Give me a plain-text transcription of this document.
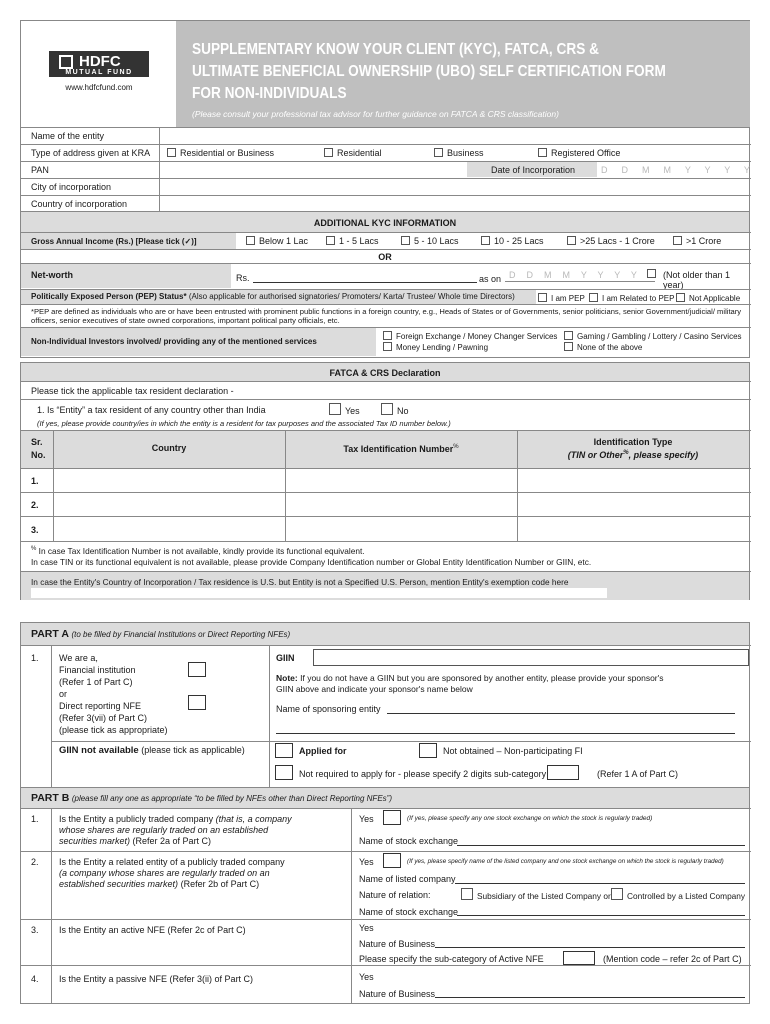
HDFC
MUTUAL FUND
www.hdfcfund.com
SUPPLEMENTARY KNOW YOUR CLIENT (KYC), FATCA, CRS &
ULTIMATE BENEFICIAL OWNERSHIP (UBO) SELF CERTIFICATION FORM
FOR NON-INDIVIDUALS
(Please consult your professional tax advisor for further guidance on FATCA & CRS classification)
Name of the entity
Type of address given at KRA	Residential or Business	Residential	Business	Registered Office
PAN	Date of Incorporation	D  D  M  M  Y  Y  Y  Y
City of incorporation
Country of incorporation
ADDITIONAL KYC INFORMATION
Gross Annual Income (Rs.) [Please tick (✓)]	Below 1 Lac	1 - 5 Lacs	5 - 10 Lacs	10 - 25 Lacs	>25 Lacs - 1 Crore	>1 Crore
OR
Net-worth	Rs.	as on D  D  M  M  Y  Y  Y  Y	(Not older than 1 year)
Politically Exposed Person (PEP) Status* (Also applicable for authorised signatories/ Promoters/ Karta/ Trustee/ Whole time Directors)	I am PEP	I am Related to PEP	Not Applicable
*PEP are defined as individuals who are or have been entrusted with prominent public functions in a foreign country, e.g., Heads of States or of Governments, senior politicians, senior Government/judicial/ military
officers, senior executives of state owned corporations, important political party officials, etc.
Non-Individual Investors involved/ providing any of the mentioned services
Foreign Exchange / Money Changer Services	Gaming / Gambling / Lottery / Casino Services
Money Lending / Pawning	None of the above
FATCA & CRS Declaration
Please tick the applicable tax resident declaration -
1. Is “Entity” a tax resident of any country other than India	Yes	No
(If yes, please provide country/ies in which the entity is a resident for tax purposes and the associated Tax ID number below.)
Sr.
No.
Country	Tax Identification Number%	Identification Type
(TIN or Other%, please specify)
1.
2.
3.
% In case Tax Identification Number is not available, kindly provide its functional equivalent.
In case TIN or its functional equivalent is not available, please provide Company Identification number or Global Entity Identification Number or GIIN, etc.
In case the Entity's Country of Incorporation / Tax residence is U.S. but Entity is not a Specified U.S. Person, mention Entity's exemption code here
PART A (to be filled by Financial Institutions or Direct Reporting NFEs)
1. We are a,
Financial institution
(Refer 1 of Part C)
or
Direct reporting NFE
(Refer 3(vii) of Part C)
(please tick as appropriate)
GIIN
Note: If you do not have a GIIN but you are sponsored by another entity, please provide your sponsor's
GIIN above and indicate your sponsor's name below
Name of sponsoring entity
GIIN not available (please tick as applicable)	Applied for	Not obtained – Non-participating FI
Not required to apply for - please specify 2 digits sub-category	(Refer 1 A of Part C)
PART B (please fill any one as appropriate “to be filled by NFEs other than Direct Reporting NFEs”)
1. Is the Entity a publicly traded company (that is, a company
whose shares are regularly traded on an established
securities market) (Refer 2a of Part C)
Yes	(If yes, please specify any one stock exchange on which the stock is regularly traded)
Name of stock exchange
2. Is the Entity a related entity of a publicly traded company
(a company whose shares are regularly traded on an
established securities market) (Refer 2b of Part C)
Yes	(If yes, please specify name of the listed company and one stock exchange on which the stock is regularly traded)
Name of listed company
Nature of relation:	Subsidiary of the Listed Company or	Controlled by a Listed Company
Name of stock exchange
3. Is the Entity an active NFE (Refer 2c of Part C)	Yes
Nature of Business
Please specify the sub-category of Active NFE	(Mention code – refer 2c of Part C)
4. Is the Entity a passive NFE (Refer 3(ii) of Part C)	Yes
Nature of Business
